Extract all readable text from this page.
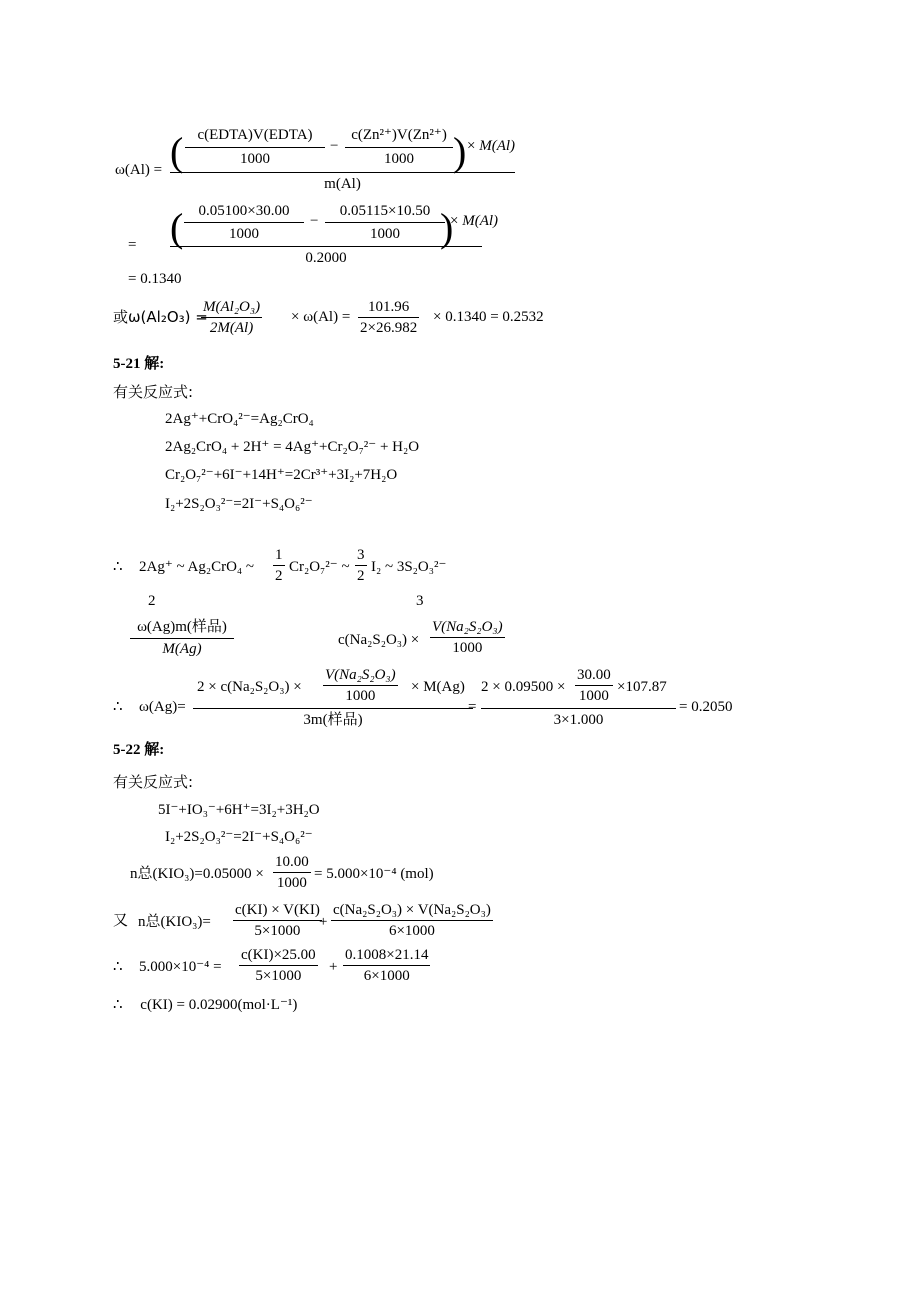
ω(Al) = ( c(EDTA)V(EDTA)
1000
−
c(Zn²⁺)V(Zn²⁺)
1000 ) × M(Al)
m(Al)
= (	0.05100×30.00
1000
−
0.05115×10.50
1000	)
× M(Al)
0.2000
= 0.1340
或ω(Al₂O₃) =
$\frac{\text{M(Al₂O₃)}}{2M(Al)} \times \omega(Al) = \frac{101.96}{2\times 26.982} \times 0.1340 = 0.2532$
5-21 解:
有关反应式:
2Ag⁺+CrO₄²⁻=Ag₂CrO₄
2Ag₂CrO₄ + 2H⁺ = 4Ag⁺+Cr₂O₇²⁻ + H₂O
Cr₂O₇²⁻+6I⁻+14H⁺=2Cr³⁺+3I₂+7H₂O
I₂+2S₂O₃²⁻=2I⁻+S₄O₆²⁻
∴ 2Ag⁺ ~ Ag₂CrO₄ ~ $\frac{1}{2} Cr_2O_7^{2-}$ ~ $\frac{3}{2} I_2$ ~ 3S₂O₃²⁻
2	3
$\frac{\text{ω(Ag)m(样品)}}{M(Ag)}$	$c(Na_2S_2O_3) \times \frac{\text{V(Na₂S₂O₃)}}{1000}$
∴ ω(Ag)=
$2 \times c(Na_2S_2O_3) \times \frac{\text{V(Na₂S₂O₃)}}{1000} \times M(Ag)$
3m(样品)
=
$2 \times 0.09500 \times \frac{30.00}{1000} \times 107.87$
3×1.000
= 0.2050
5-22 解:
有关反应式:
5I⁻+IO₃⁻+6H⁺=3I₂+3H₂O
I₂+2S₂O₃²⁻=2I⁻+S₄O₆²⁻
n总$(KIO_3)=0.05000 \times \frac{10.00}{1000} = 5.000\times 10^{-4}$ (mol)
又 n总$(KIO_3)= \frac{c(KI) \times V(KI)}{5\times 1000}$
+ $\frac{\text{c(Na₂S₂O₃) × V(Na₂S₂O₃)}}{6\times 1000}$
∴ $5.000\times 10^{-4} = \frac{c(KI)\times 25.00}{5\times 1000} + \frac{0.1008\times 21.14}{6\times 1000}$
∴ c(KI) = 0.02900(mol·L⁻¹)
